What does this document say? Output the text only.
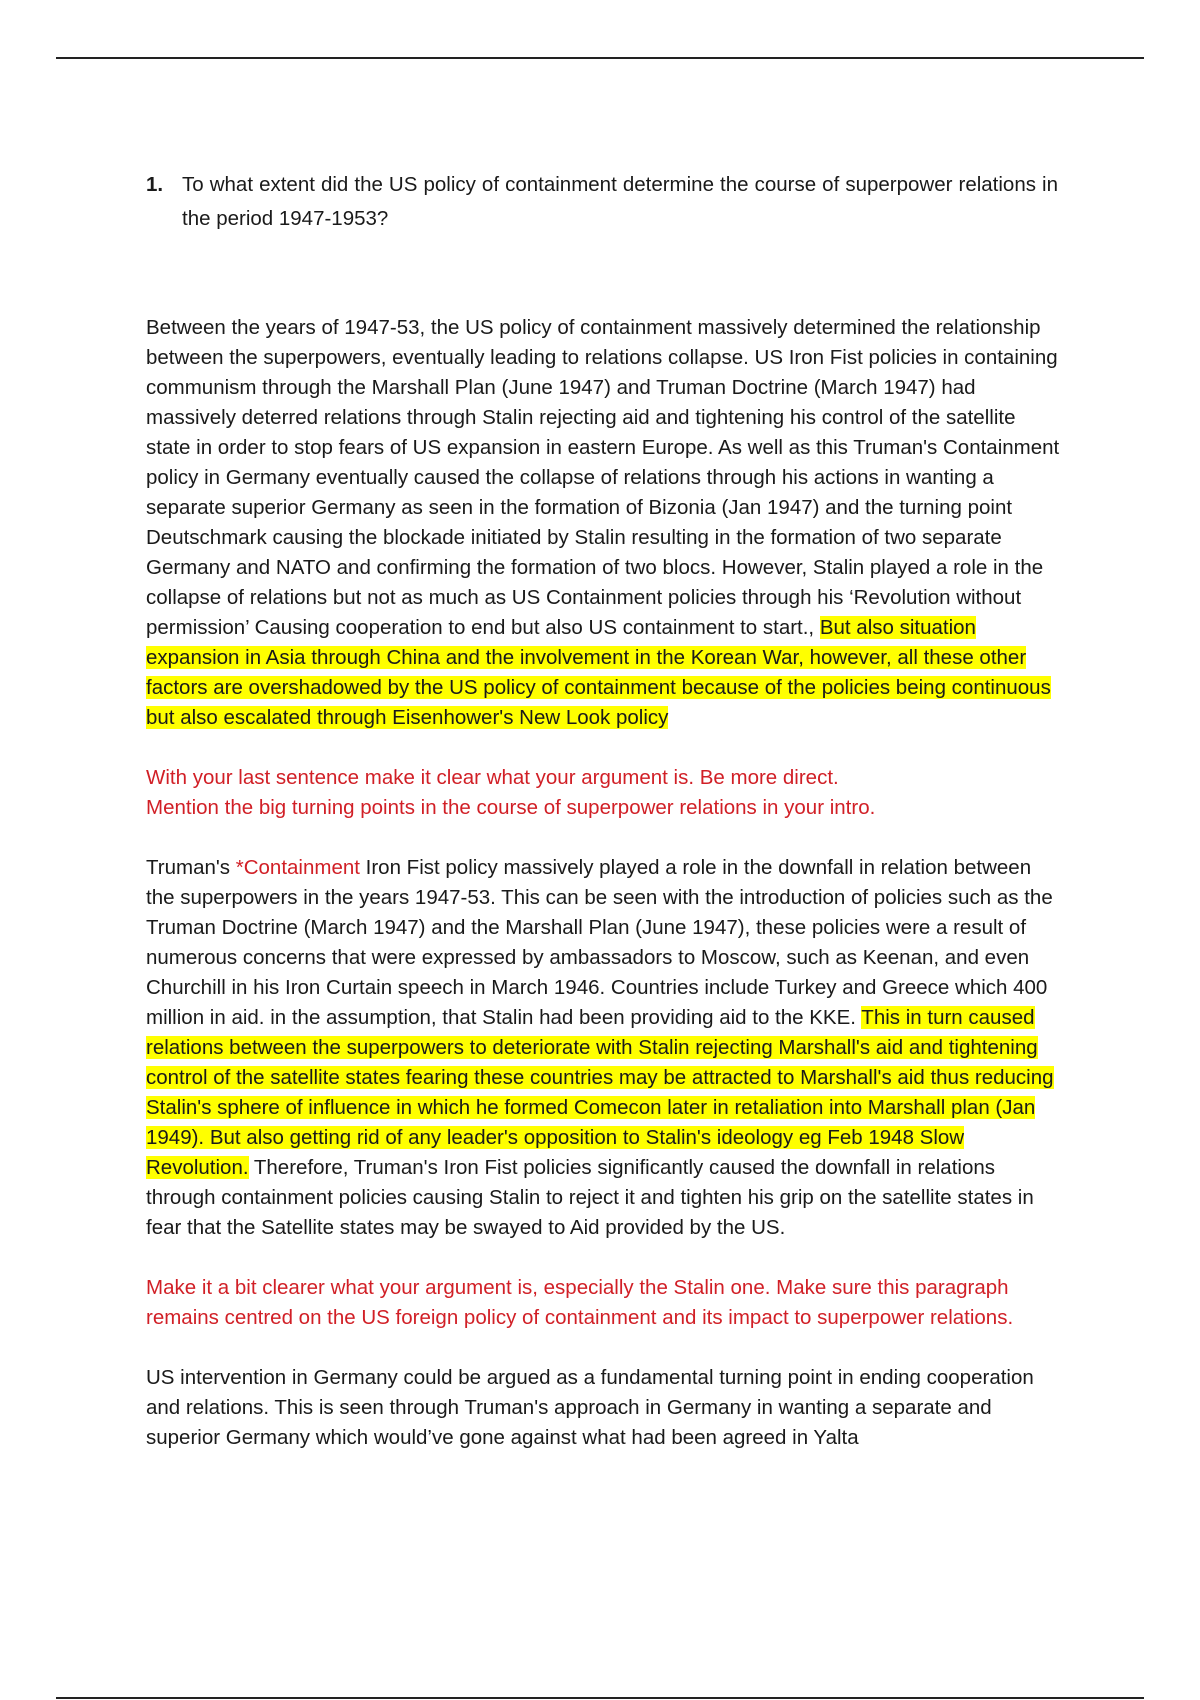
1. To what extent did the US policy of containment determine the course of superpower relations in the period 1947-1953?

Between the years of 1947-53, the US policy of containment massively determined the relationship between the superpowers, eventually leading to relations collapse. US Iron Fist policies in containing communism through the Marshall Plan (June 1947) and Truman Doctrine (March 1947) had massively deterred relations through Stalin rejecting aid and tightening his control of the satellite state in order to stop fears of US expansion in eastern Europe. As well as this Truman's Containment policy in Germany eventually caused the collapse of relations through his actions in wanting a separate superior Germany as seen in the formation of Bizonia (Jan 1947) and the turning point Deutschmark causing the blockade initiated by Stalin resulting in the formation of two separate Germany and NATO and confirming the formation of two blocs. However, Stalin played a role in the collapse of relations but not as much as US Containment policies through his ‘Revolution without permission’ Causing cooperation to end but also US containment to start., But also situation expansion in Asia through China and the involvement in the Korean War, however, all these other factors are overshadowed by the US policy of containment because of the policies being continuous but also escalated through Eisenhower's New Look policy

With your last sentence make it clear what your argument is. Be more direct.
Mention the big turning points in the course of superpower relations in your intro.

Truman's *Containment Iron Fist policy massively played a role in the downfall in relation between the superpowers in the years 1947-53. This can be seen with the introduction of policies such as the Truman Doctrine (March 1947) and the Marshall Plan (June 1947), these policies were a result of numerous concerns that were expressed by ambassadors to Moscow, such as Keenan, and even Churchill in his Iron Curtain speech in March 1946. Countries include Turkey and Greece which 400 million in aid. in the assumption, that Stalin had been providing aid to the KKE. This in turn caused relations between the superpowers to deteriorate with Stalin rejecting Marshall's aid and tightening control of the satellite states fearing these countries may be attracted to Marshall's aid thus reducing Stalin's sphere of influence in which he formed Comecon later in retaliation into Marshall plan (Jan 1949). But also getting rid of any leader's opposition to Stalin's ideology eg Feb 1948 Slow Revolution. Therefore, Truman's Iron Fist policies significantly caused the downfall in relations through containment policies causing Stalin to reject it and tighten his grip on the satellite states in fear that the Satellite states may be swayed to Aid provided by the US.

Make it a bit clearer what your argument is, especially the Stalin one. Make sure this paragraph remains centred on the US foreign policy of containment and its impact to superpower relations.

US intervention in Germany could be argued as a fundamental turning point in ending cooperation and relations. This is seen through Truman's approach in Germany in wanting a separate and superior Germany which would’ve gone against what had been agreed in Yalta
